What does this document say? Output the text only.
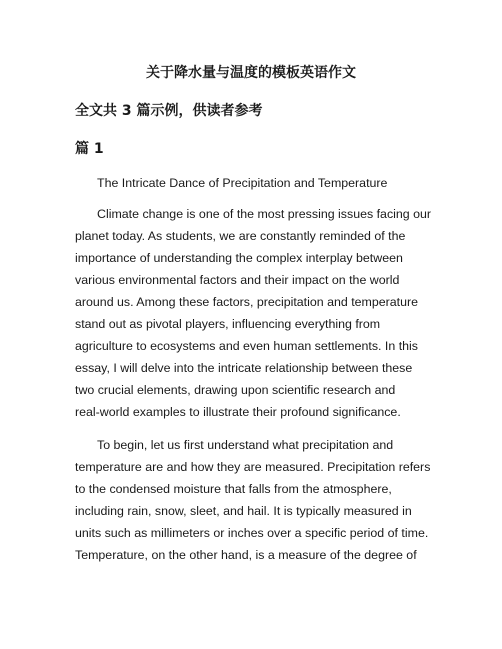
关于降水量与温度的模板英语作文
全文共 3 篇示例，供读者参考
篇 1
The Intricate Dance of Precipitation and Temperature

Climate change is one of the most pressing issues facing our
planet today. As students, we are constantly reminded of the
importance of understanding the complex interplay between
various environmental factors and their impact on the world
around us. Among these factors, precipitation and temperature
stand out as pivotal players, influencing everything from
agriculture to ecosystems and even human settlements. In this
essay, I will delve into the intricate relationship between these
two crucial elements, drawing upon scientific research and
real-world examples to illustrate their profound significance.

To begin, let us first understand what precipitation and
temperature are and how they are measured. Precipitation refers
to the condensed moisture that falls from the atmosphere,
including rain, snow, sleet, and hail. It is typically measured in
units such as millimeters or inches over a specific period of time.
Temperature, on the other hand, is a measure of the degree of
